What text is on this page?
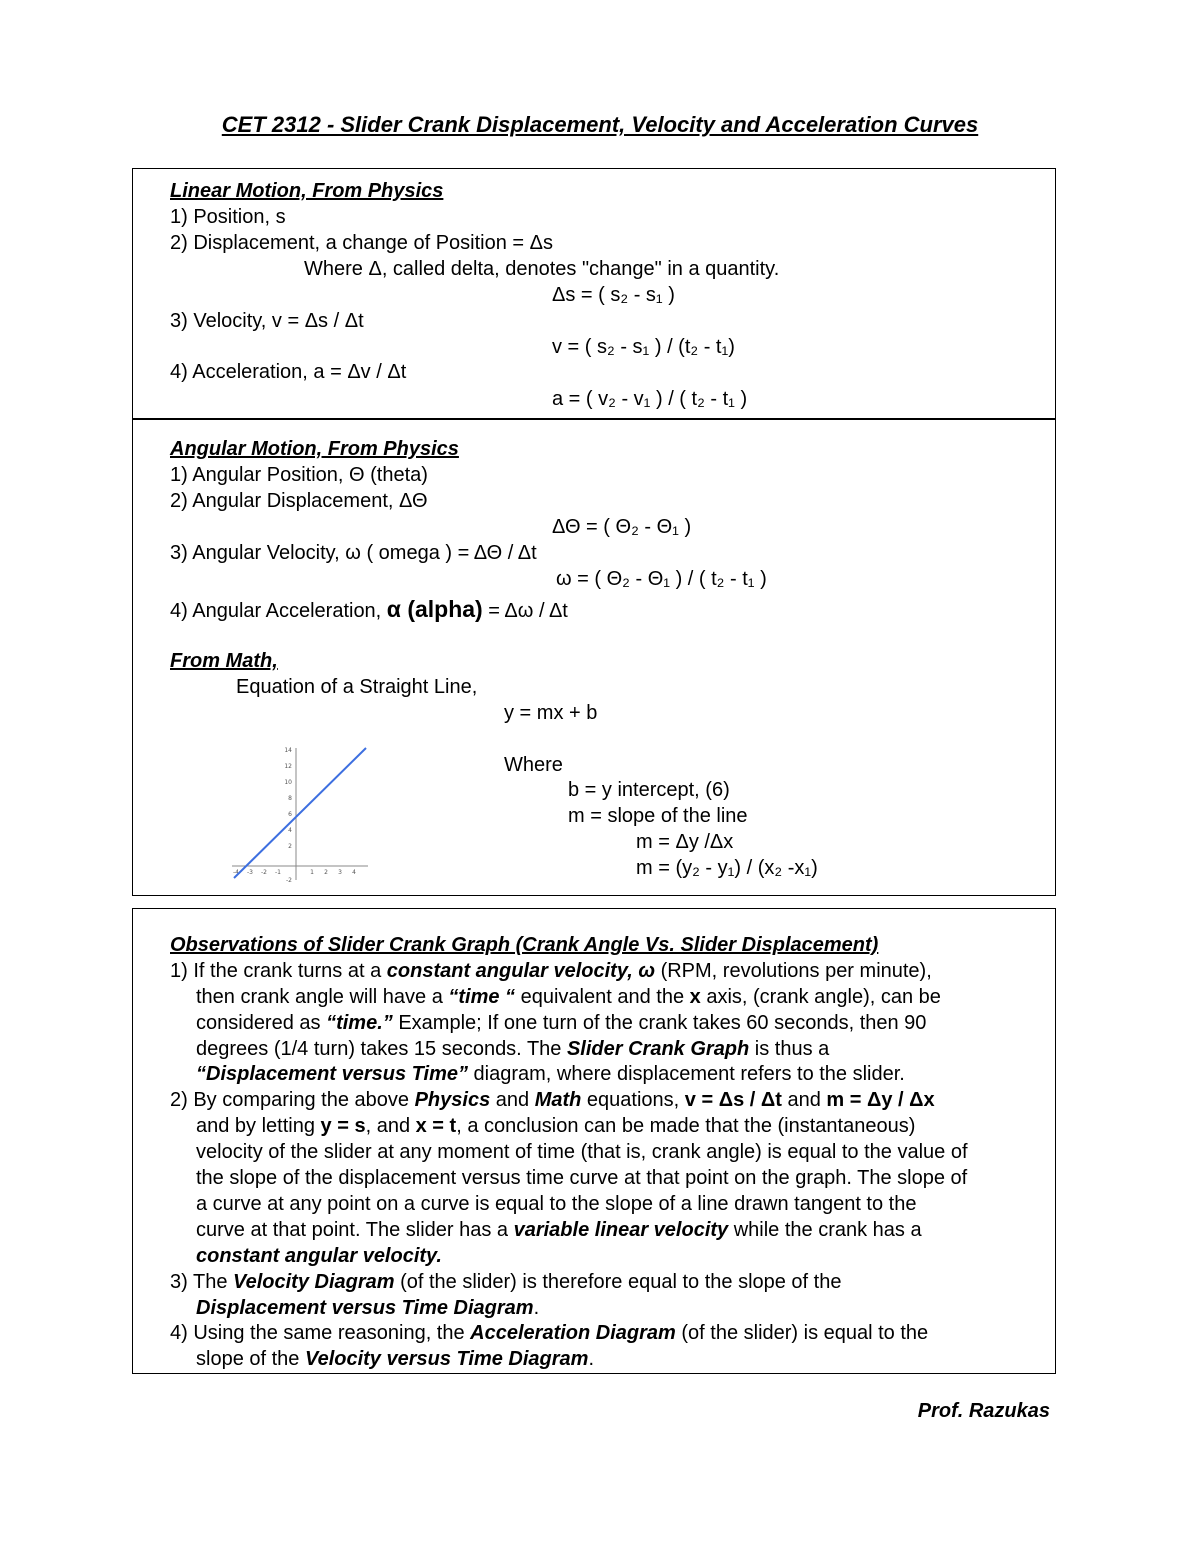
CET 2312 - Slider Crank Displacement, Velocity and Acceleration Curves
Linear Motion, From Physics
1) Position, s
2) Displacement, a change of Position = Δs
Where Δ, called delta, denotes "change" in a quantity.
Δs = ( s₂ - s₁ )
3) Velocity, v = Δs / Δt
v = ( s₂ - s₁ ) / (t₂ - t₁)
4) Acceleration, a = Δv / Δt
a = ( v₂ - v₁ ) / ( t₂ - t₁ )
Angular Motion, From Physics
1) Angular Position, Θ (theta)
2) Angular Displacement, ΔΘ
ΔΘ = ( Θ₂ - Θ₁ )
3) Angular Velocity, ω ( omega ) = ΔΘ / Δt
ω = ( Θ₂ - Θ₁ ) / ( t₂ - t₁ )
4) Angular Acceleration, α (alpha) = Δω / Δt
From Math,
Equation of a Straight Line,
y = mx + b
Where
b = y intercept, (6)
m = slope of the line
m = Δy /Δx
m = (y₂ - y₁) / (x₂ -x₁)
14
12
10
8
6
4
2
-2
-4 -3 -2 -1	1 2 3 4
Observations of Slider Crank Graph (Crank Angle Vs. Slider Displacement)
1) If the crank turns at a constant angular velocity, ω (RPM, revolutions per minute),
then crank angle will have a “time “ equivalent and the x axis, (crank angle), can be
considered as “time.” Example; If one turn of the crank takes 60 seconds, then 90
degrees (1/4 turn) takes 15 seconds. The Slider Crank Graph is thus a
“Displacement versus Time” diagram, where displacement refers to the slider.
2) By comparing the above Physics and Math equations, v = Δs / Δt and m = Δy / Δx
and by letting y = s, and x = t, a conclusion can be made that the (instantaneous)
velocity of the slider at any moment of time (that is, crank angle) is equal to the value of
the slope of the displacement versus time curve at that point on the graph. The slope of
a curve at any point on a curve is equal to the slope of a line drawn tangent to the
curve at that point. The slider has a variable linear velocity while the crank has a
constant angular velocity.
3) The Velocity Diagram (of the slider) is therefore equal to the slope of the
Displacement versus Time Diagram.
4) Using the same reasoning, the Acceleration Diagram (of the slider) is equal to the
slope of the Velocity versus Time Diagram.
Prof. Razukas
